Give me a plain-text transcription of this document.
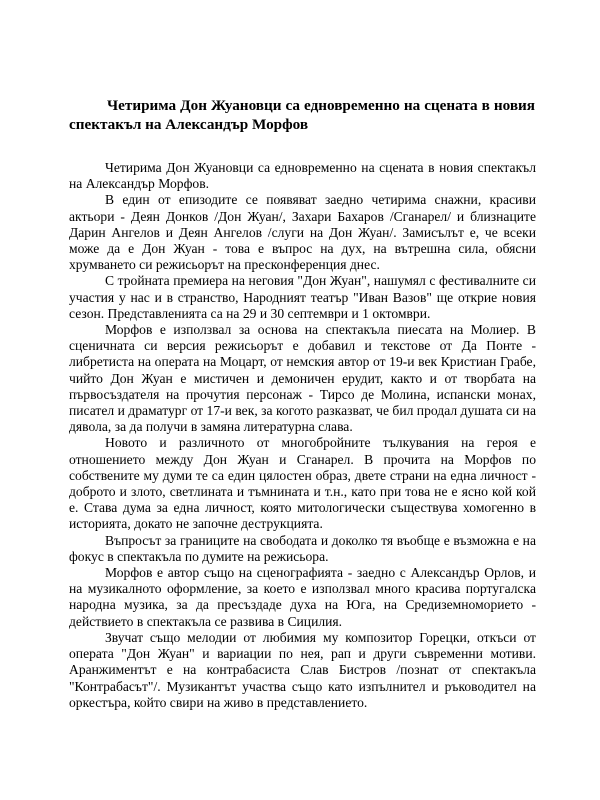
Четирима Дон Жуановци са едновременно на сцената в новия спектакъл на Александър Морфов

Четирима Дон Жуановци са едновременно на сцената в новия спектакъл на Александър Морфов.

В един от епизодите се появяват заедно четирима снажни, красиви актьори - Деян Донков /Дон Жуан/, Захари Бахаров /Сганарел/ и близнаците Дарин Ангелов и Деян Ангелов /слуги на Дон Жуан/. Замисълът е, че всеки може да е Дон Жуан - това е въпрос на дух, на вътрешна сила, обясни хрумването си режисьорът на пресконференция днес.

С тройната премиера на неговия "Дон Жуан", нашумял с фестивалните си участия у нас и в странство, Народният театър "Иван Вазов" ще открие новия сезон. Представленията са на 29 и 30 септември и 1 октомври.

Морфов е използвал за основа на спектакъла пиесата на Молиер. В сценичната си версия режисьорът е добавил и текстове от Да Понте - либретиста на операта на Моцарт, от немския автор от 19-и век Кристиан Грабе, чийто Дон Жуан е мистичен и демоничен ерудит, както и от творбата на първосъздателя на прочутия персонаж - Тирсо де Молина, испански монах, писател и драматург от 17-и век, за когото разказват, че бил продал душата си на дявола, за да получи в замяна литературна слава.

Новото и различното от многобройните тълкувания на героя е отношението между Дон Жуан и Сганарел. В прочита на Морфов по собствените му думи те са един цялостен образ, двете страни на една личност - доброто и злото, светлината и тъмнината и т.н., като при това не е ясно кой кой е. Става дума за една личност, която митологически съществува хомогенно в историята, докато не започне деструкцията.

Въпросът за границите на свободата и доколко тя въобще е възможна е на фокус в спектакъла по думите на режисьора.

Морфов е автор също на сценографията - заедно с Александър Орлов, и на музикалното оформление, за което е използвал много красива португалска народна музика, за да пресъздаде духа на Юга, на Средиземноморието - действието в спектакъла се развива в Сицилия.

Звучат също мелодии от любимия му композитор Горецки, откъси от операта "Дон Жуан" и вариации по нея, рап и други съвременни мотиви. Аранжиментът е на контрабасиста Слав Бистров /познат от спектакъла "Контрабасът"/. Музикантът участва също като изпълнител и ръководител на оркестъра, който свири на живо в представлението.
